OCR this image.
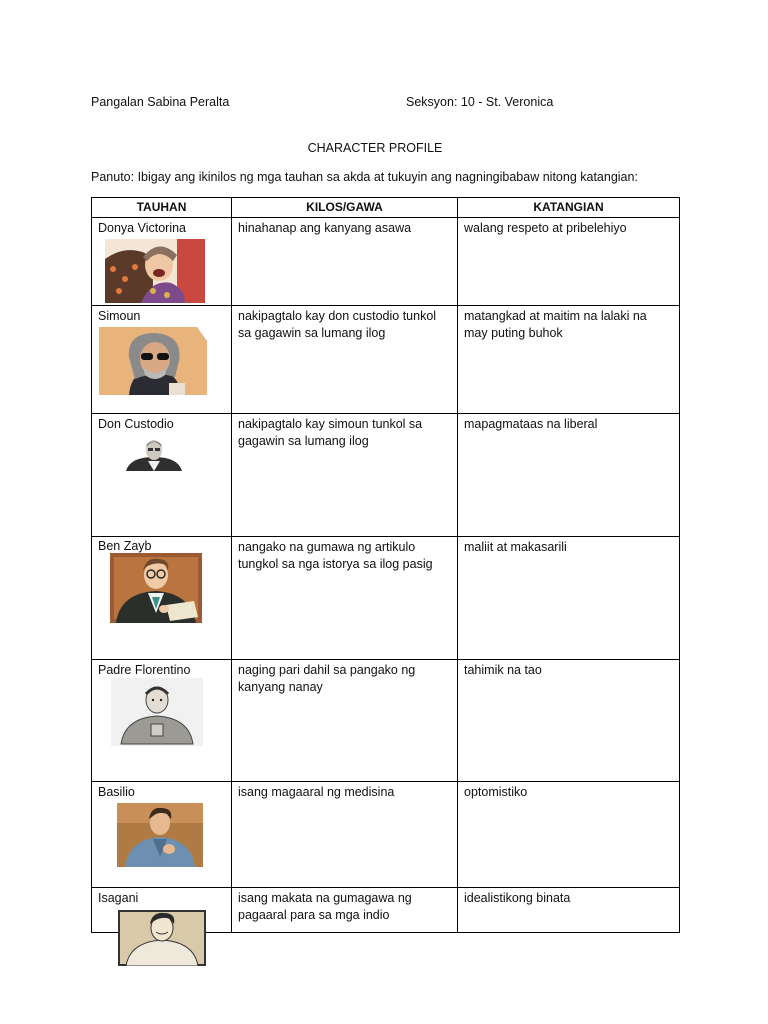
Pangalan Sabina Peralta	Seksyon: 10 - St. Veronica
CHARACTER PROFILE
Panuto: Ibigay ang ikinilos ng mga tauhan sa akda at tukuyin ang nagningibabaw nitong katangian:
TAUHAN	KILOS/GAWA	KATANGIAN

Donya Victorina	hinahanap ang kanyang asawa	walang respeto at pribelehiyo

Simoun	nakipagtalo kay don custodio tunkol sa gagawin sa lumang ilog	matangkad at maitim na lalaki na may puting buhok

Don Custodio	nakipagtalo kay simoun tunkol sa gagawin sa lumang ilog	mapagmataas na liberal

Ben Zayb	nangako na gumawa ng artikulo tungkol sa nga istorya sa ilog pasig	maliit at makasarili

Padre Florentino	naging pari dahil sa pangako ng kanyang nanay	tahimik na tao

Basilio	isang magaaral ng medisina	optomistiko

Isagani	isang makata na gumagawa ng pagaaral para sa mga indio	idealistikong binata
